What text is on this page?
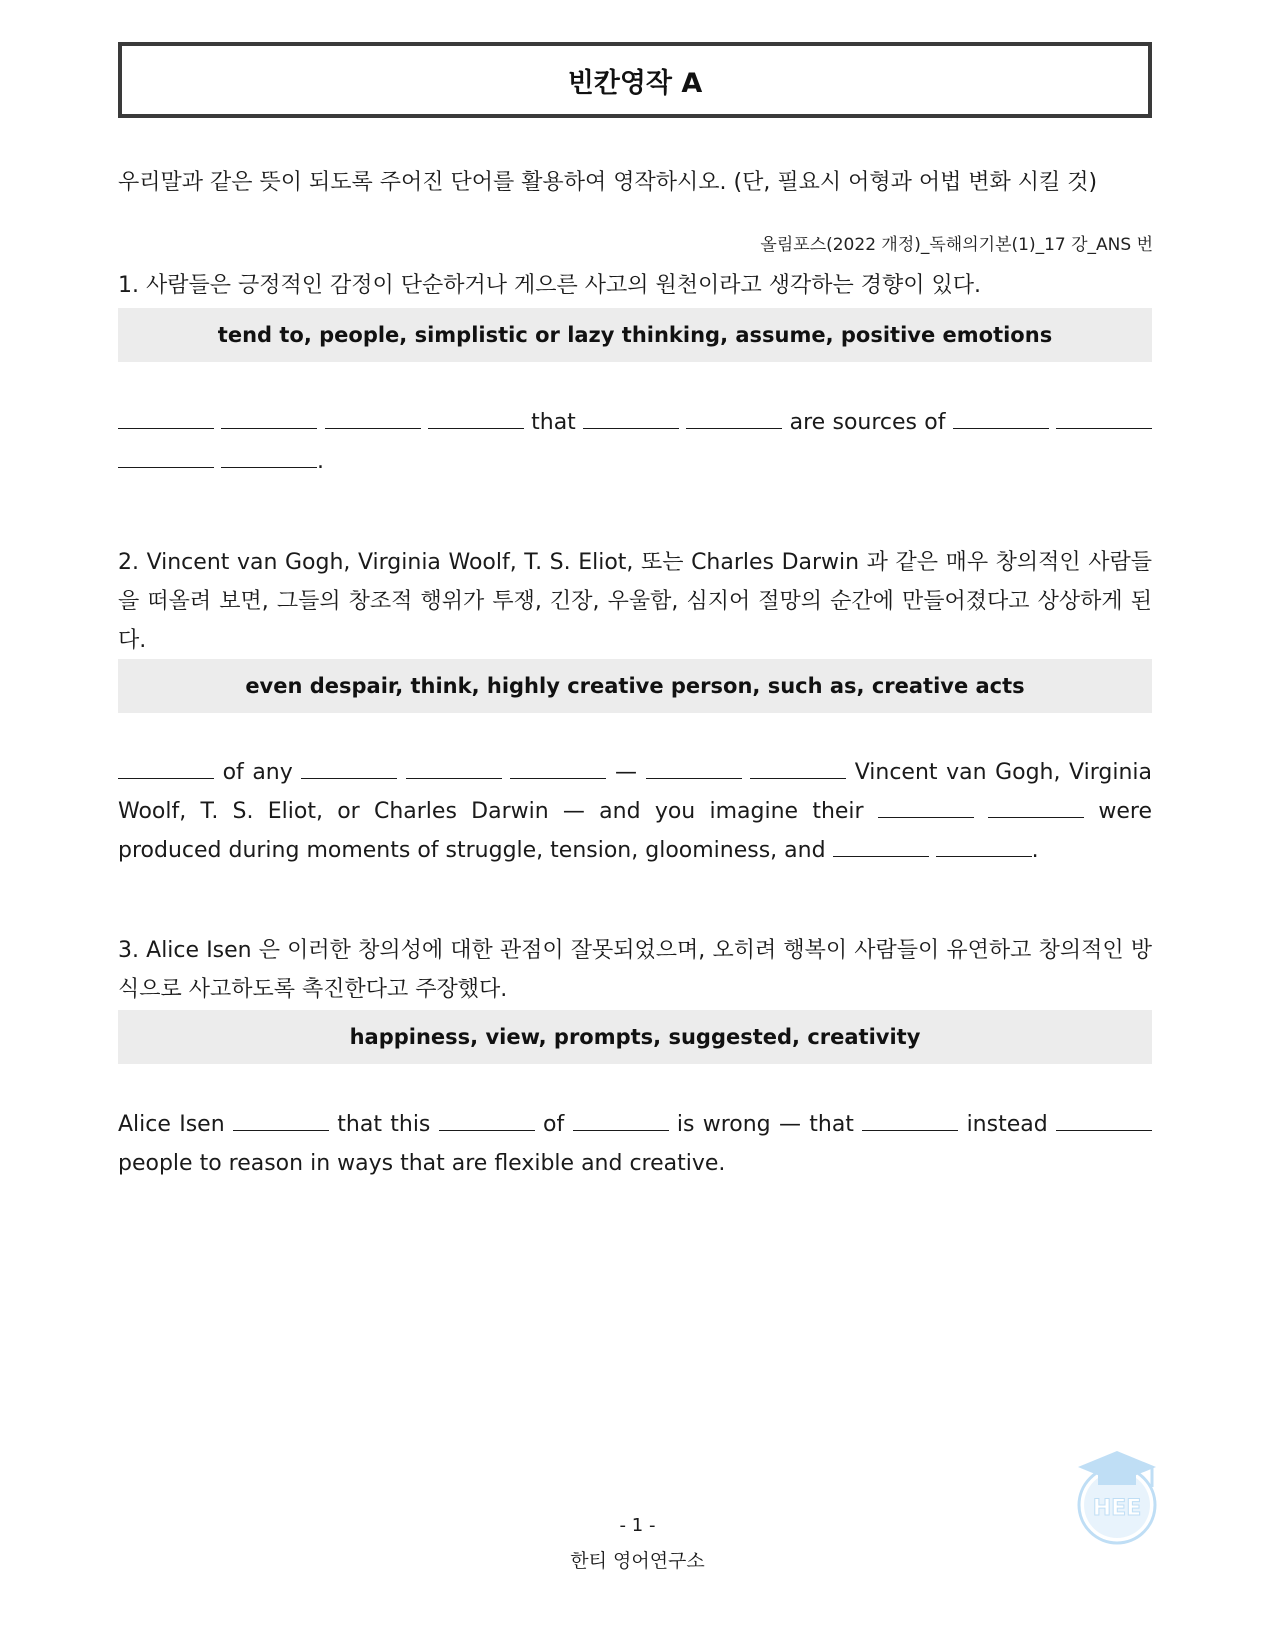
빈칸영작 A
우리말과 같은 뜻이 되도록 주어진 단어를 활용하여 영작하시오. (단, 필요시 어형과 어법 변화 시킬 것)
올림포스(2022 개정)_독해의기본(1)_17 강_ANS 번
1. 사람들은 긍정적인 감정이 단순하거나 게으른 사고의 원천이라고 생각하는 경향이 있다.
tend to, people, simplistic or lazy thinking, assume, positive emotions
that	are sources of    .
2. Vincent van Gogh, Virginia Woolf, T. S. Eliot, 또는 Charles Darwin 과 같은 매우 창의적인 사람들을 떠올려 보면, 그들의 창조적 행위가 투쟁, 긴장, 우울함, 심지어 절망의 순간에 만들어졌다고 상상하게 된다.
even despair, think, highly creative person, such as, creative acts
of any	—	Vincent van Gogh, Virginia Woolf, T. S. Eliot, or Charles Darwin — and you imagine their	were produced during moments of struggle, tension, gloominess, and	.
3. Alice Isen 은 이러한 창의성에 대한 관점이 잘못되었으며, 오히려 행복이 사람들이 유연하고 창의적인 방식으로 사고하도록 촉진한다고 주장했다.
happiness, view, prompts, suggested, creativity
Alice Isen	that this	of	is wrong — that	instead  people to reason in ways that are flexible and creative.
- 1 -
한티 영어연구소
HEE
